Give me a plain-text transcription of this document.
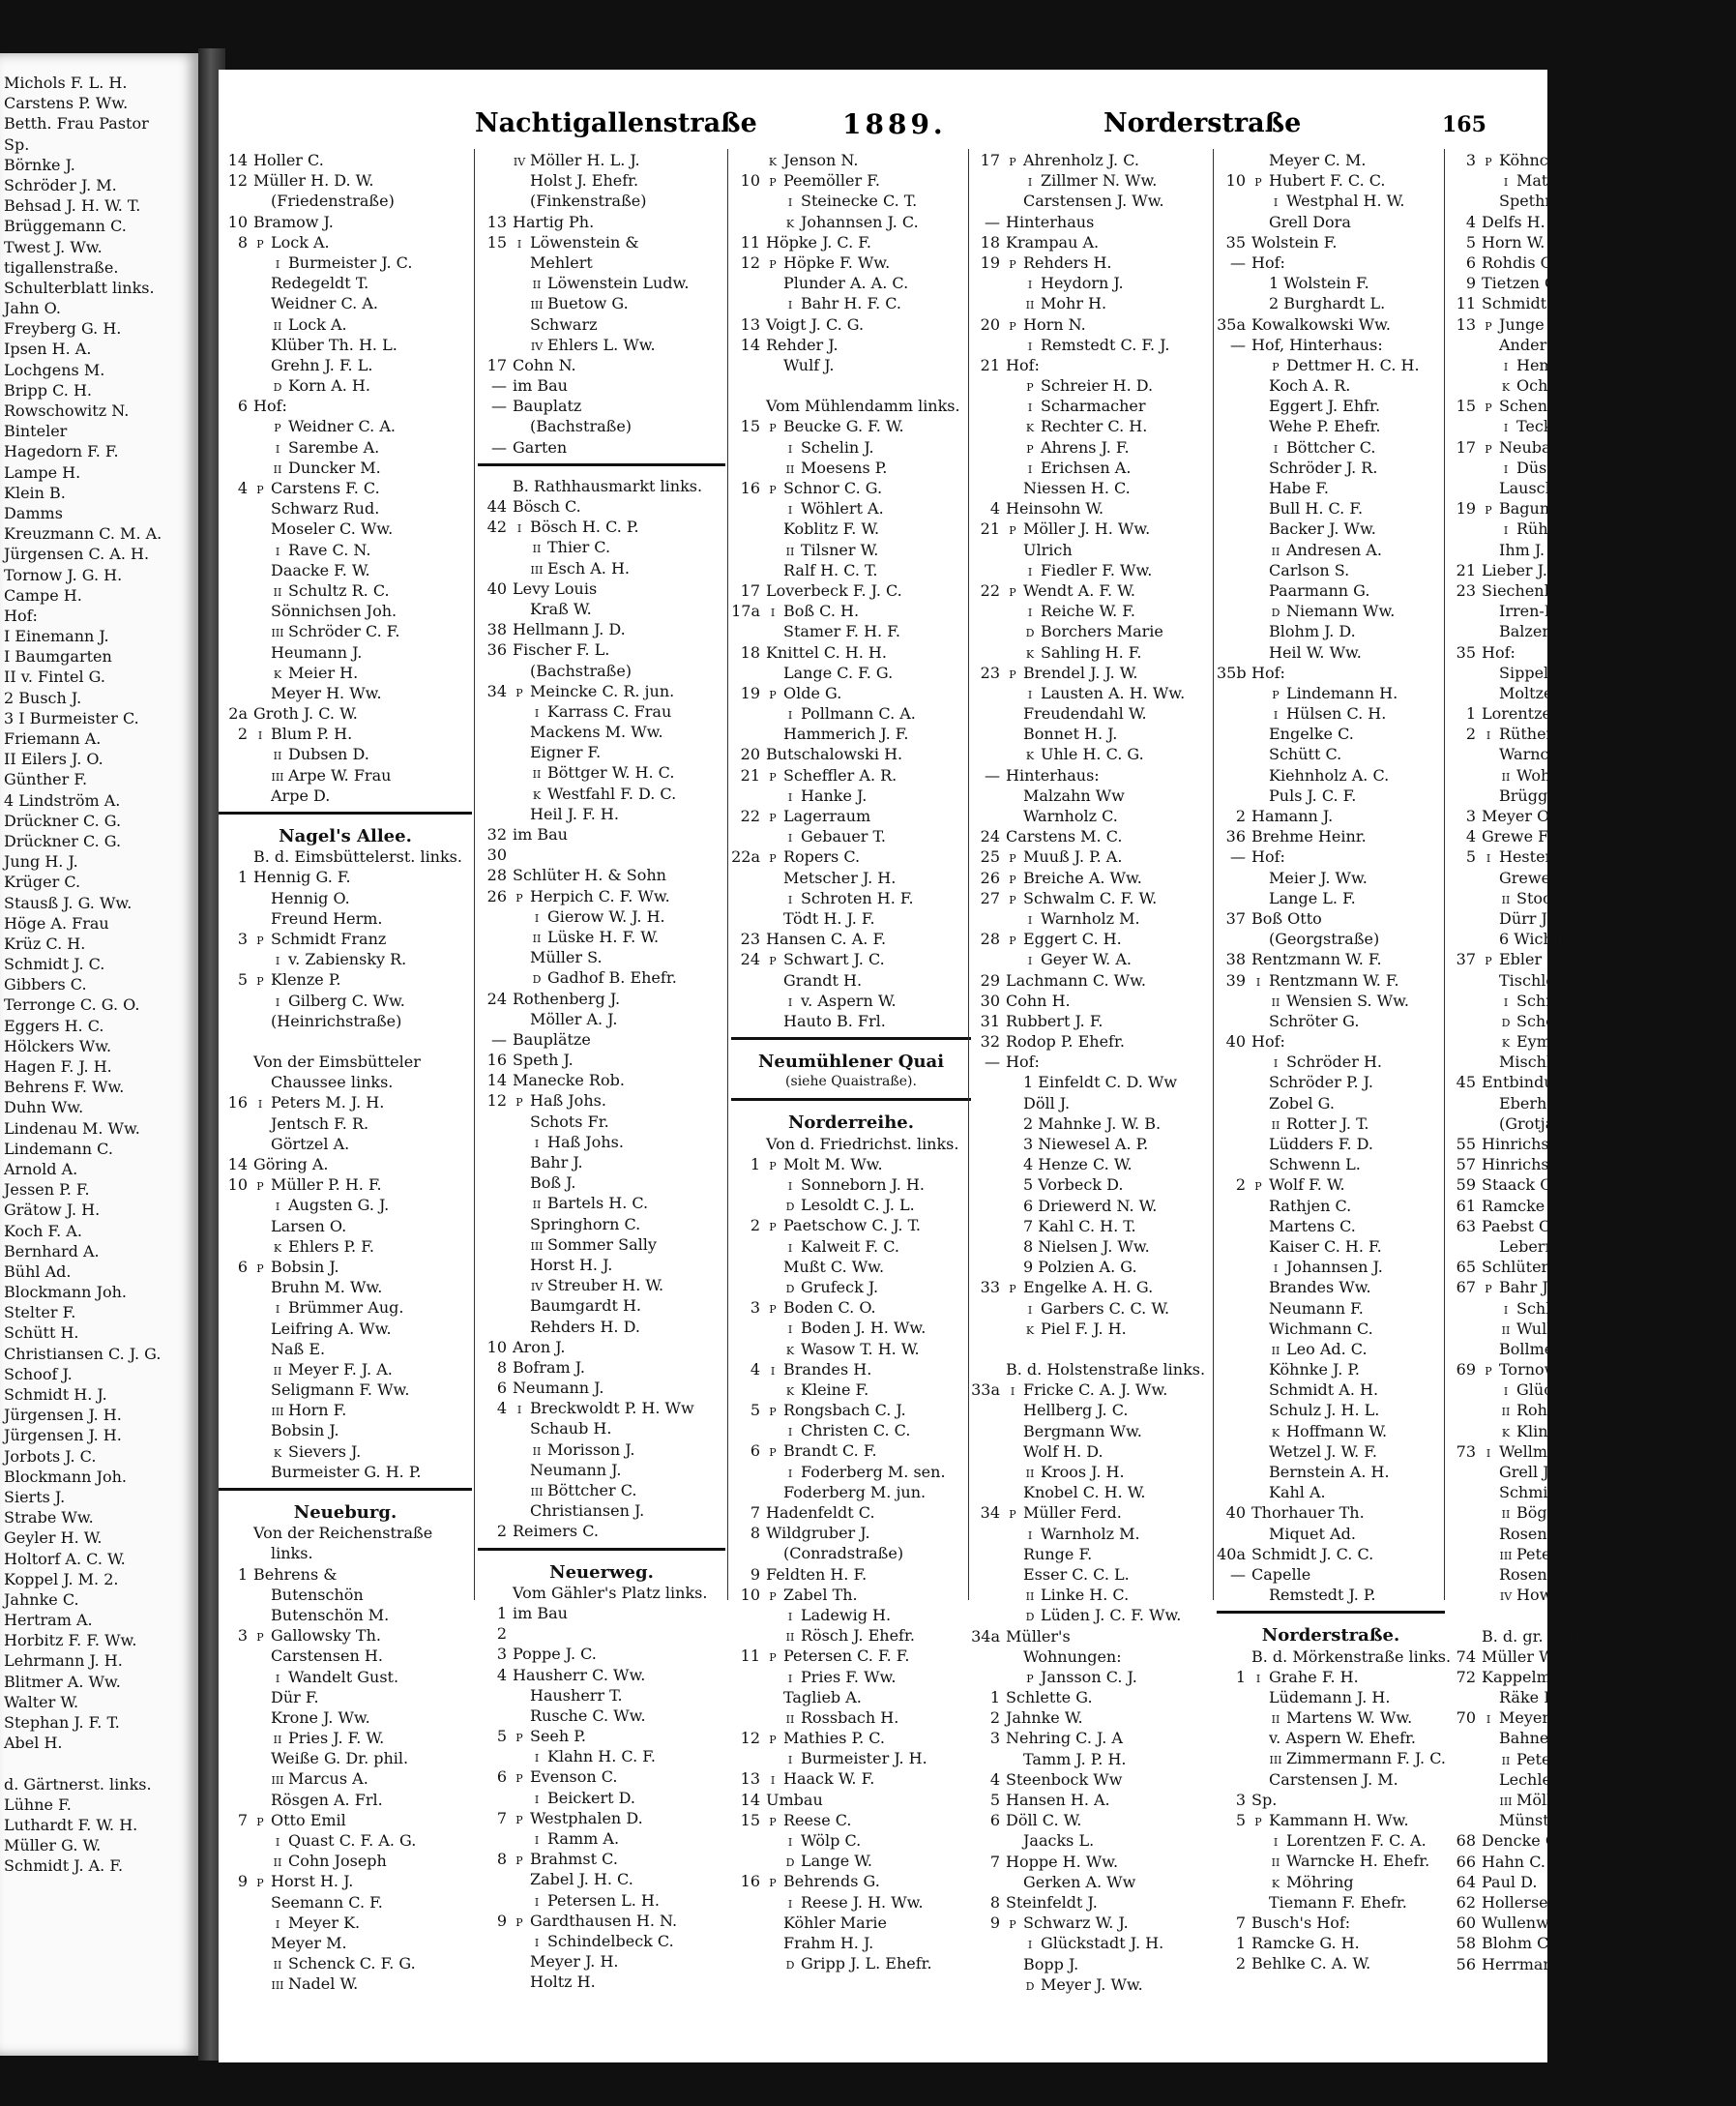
Michols F. L. H.
Carstens P. Ww.
Betth. Frau Pastor
Sp.
Börnke J.
Schröder J. M.
Behsad J. H. W. T.
Brüggemann C.
Twest J. Ww.
tigallenstraße.
Schulterblatt links.
Jahn O.
Freyberg G. H.
Ipsen H. A.
Lochgens M.
Bripp C. H.
Rowschowitz N.
Binteler
Hagedorn F. F.
Lampe H.
Klein B.
Damms
Kreuzmann C. M. A.
Jürgensen C. A. H.
Tornow J. G. H.
Campe H.
Hof:
I Einemann J.
I Baumgarten
II v. Fintel G.
2 Busch J.
3 I Burmeister C.
Friemann A.
II Eilers J. O.
Günther F.
4 Lindström A.
Drückner C. G.
Drückner C. G.
Jung H. J.
Krüger C.
Stausß J. G. Ww.
Höge A. Frau
Krüz C. H.
Schmidt J. C.
Gibbers C.
Terronge C. G. O.
Eggers H. C.
Hölckers Ww.
Hagen F. J. H.
Behrens F. Ww.
Duhn Ww.
Lindenau M. Ww.
Lindemann C.
Arnold A.
Jessen P. F.
Grätow J. H.
Koch F. A.
Bernhard A.
Bühl Ad.
Blockmann Joh.
Stelter F.
Schütt H.
Christiansen C. J. G.
Schoof J.
Schmidt H. J.
Jürgensen J. H.
Jürgensen J. H.
Jorbots J. C.
Blockmann Joh.
Sierts J.
Strabe Ww.
Geyler H. W.
Holtorf A. C. W.
Koppel J. M. 2.
Jahnke C.
Hertram A.
Horbitz F. F. Ww.
Lehrmann J. H.
Blitmer A. Ww.
Walter W.
Stephan J. F. T.
Abel H.
d. Gärtnerst. links.
Lühne F.
Luthardt F. W. H.
Müller G. W.
Schmidt J. A. F.
Nachtigallenstraße	1889.	Norderstraße	165
14 Holler C.
12 Müller H. D. W.
(Friedenstraße)
10 Bramow J.
8 P Lock A.
I Burmeister J. C.
Redegeldt T.
Weidner C. A.
II Lock A.
Klüber Th. H. L.
Grehn J. F. L.
D Korn A. H.
6 Hof:
P Weidner C. A.
I Sarembe A.
II Duncker M.
4 P Carstens F. C.
Schwarz Rud.
Moseler C. Ww.
I Rave C. N.
Daacke F. W.
II Schultz R. C.
Sönnichsen Joh.
III Schröder C. F.
Heumann J.
K Meier H.
Meyer H. Ww.
2a Groth J. C. W.
2 I Blum P. H.
II Dubsen D.
III Arpe W. Frau
Arpe D.
Nagel's Allee.
B. d. Eimsbüttelerst. links.
1 Hennig G. F.
Hennig O.
Freund Herm.
3 P Schmidt Franz
I v. Zabiensky R.
5 P Klenze P.
I Gilberg C. Ww.
(Heinrichstraße)
Von der Eimsbütteler
Chaussee links.
16 I Peters M. J. H.
Jentsch F. R.
Görtzel A.
14 Göring A.
10 P Müller P. H. F.
I Augsten G. J.
Larsen O.
K Ehlers P. F.
6 P Bobsin J.
Bruhn M. Ww.
I Brümmer Aug.
Leifring A. Ww.
Naß E.
II Meyer F. J. A.
Seligmann F. Ww.
III Horn F.
Bobsin J.
K Sievers J.
Burmeister G. H. P.
Neueburg.
Von der Reichenstraße
links.
1 Behrens &
Butenschön
Butenschön M.
3 P Gallowsky Th.
Carstensen H.
I Wandelt Gust.
Dür F.
Krone J. Ww.
II Pries J. F. W.
Weiße G. Dr. phil.
III Marcus A.
Rösgen A. Frl.
7 P Otto Emil
I Quast C. F. A. G.
II Cohn Joseph
9 P Horst H. J.
Seemann C. F.
I Meyer K.
Meyer M.
II Schenck C. F. G.
III Nadel W.
IV Möller H. L. J.
Holst J. Ehefr.
(Finkenstraße)
13 Hartig Ph.
15 I Löwenstein &
Mehlert
II Löwenstein Ludw.
III Buetow G.
Schwarz
IV Ehlers L. Ww.
17 Cohn N.
— im Bau
— Bauplatz
(Bachstraße)
— Garten
B. Rathhausmarkt links.
44 Bösch C.
42 I Bösch H. C. P.
II Thier C.
III Esch A. H.
40 Levy Louis
Kraß W.
38 Hellmann J. D.
36 Fischer F. L.
(Bachstraße)
34 P Meincke C. R. jun.
I Karrass C. Frau
Mackens M. Ww.
Eigner F.
II Böttger W. H. C.
K Westfahl F. D. C.
Heil J. F. H.
32 im Bau
30
28 Schlüter H. & Sohn
26 P Herpich C. F. Ww.
I Gierow W. J. H.
II Lüske H. F. W.
Müller S.
D Gadhof B. Ehefr.
24 Rothenberg J.
Möller A. J.
— Bauplätze
16 Speth J.
14 Manecke Rob.
12 P Haß Johs.
Schots Fr.
I Haß Johs.
Bahr J.
Boß J.
II Bartels H. C.
Springhorn C.
III Sommer Sally
Horst H. J.
IV Streuber H. W.
Baumgardt H.
Rehders H. D.
10 Aron J.
8 Bofram J.
6 Neumann J.
4 I Breckwoldt P. H. Ww
Schaub H.
II Morisson J.
Neumann J.
III Böttcher C.
Christiansen J.
2 Reimers C.
Neuerweg.
Vom Gähler's Platz links.
1 im Bau
2
3 Poppe J. C.
4 Hausherr C. Ww.
Hausherr T.
Rusche C. Ww.
5 P Seeh P.
I Klahn H. C. F.
6 P Evenson C.
I Beickert D.
7 P Westphalen D.
I Ramm A.
8 P Brahmst C.
Zabel J. H. C.
I Petersen L. H.
9 P Gardthausen H. N.
I Schindelbeck C.
Meyer J. H.
Holtz H.
K Jenson N.
10 P Peemöller F.
I Steinecke C. T.
K Johannsen J. C.
11 Höpke J. C. F.
12 P Höpke F. Ww.
Plunder A. A. C.
I Bahr H. F. C.
13 Voigt J. C. G.
14 Rehder J.
Wulf J.
Vom Mühlendamm links.
15 P Beucke G. F. W.
I Schelin J.
II Moesens P.
16 P Schnor C. G.
I Wöhlert A.
Koblitz F. W.
II Tilsner W.
Ralf H. C. T.
17 Loverbeck F. J. C.
17a I Boß C. H.
Stamer F. H. F.
18 Knittel C. H. H.
Lange C. F. G.
19 P Olde G.
I Pollmann C. A.
Hammerich J. F.
20 Butschalowski H.
21 P Scheffler A. R.
I Hanke J.
22 P Lagerraum
I Gebauer T.
22a P Ropers C.
Metscher J. H.
I Schroten H. F.
Tödt H. J. F.
23 Hansen C. A. F.
24 P Schwart J. C.
Grandt H.
I v. Aspern W.
Hauto B. Frl.
Neumühlener Quai
(siehe Quaistraße).
Norderreihe.
Von d. Friedrichst. links.
1 P Molt M. Ww.
I Sonneborn J. H.
D Lesoldt C. J. L.
2 P Paetschow C. J. T.
I Kalweit F. C.
Mußt C. Ww.
D Grufeck J.
3 P Boden C. O.
I Boden J. H. Ww.
K Wasow T. H. W.
4 I Brandes H.
K Kleine F.
5 P Rongsbach C. J.
I Christen C. C.
6 P Brandt C. F.
I Foderberg M. sen.
Foderberg M. jun.
7 Hadenfeldt C.
8 Wildgruber J.
(Conradstraße)
9 Feldten H. F.
10 P Zabel Th.
I Ladewig H.
II Rösch J. Ehefr.
11 P Petersen C. F. F.
I Pries F. Ww.
Taglieb A.
II Rossbach H.
12 P Mathies P. C.
I Burmeister J. H.
13 I Haack W. F.
14 Umbau
15 P Reese C.
I Wölp C.
D Lange W.
16 P Behrends G.
I Reese J. H. Ww.
Köhler Marie
Frahm H. J.
D Gripp J. L. Ehefr.
17 P Ahrenholz J. C.
I Zillmer N. Ww.
Carstensen J. Ww.
— Hinterhaus
18 Krampau A.
19 P Rehders H.
I Heydorn J.
II Mohr H.
20 P Horn N.
I Remstedt C. F. J.
21 Hof:
P Schreier H. D.
I Scharmacher
K Rechter C. H.
P Ahrens J. F.
I Erichsen A.
Niessen H. C.
4 Heinsohn W.
21 P Möller J. H. Ww.
Ulrich
I Fiedler F. Ww.
22 P Wendt A. F. W.
I Reiche W. F.
D Borchers Marie
K Sahling H. F.
23 P Brendel J. J. W.
I Lausten A. H. Ww.
Freudendahl W.
Bonnet H. J.
K Uhle H. C. G.
— Hinterhaus:
Malzahn Ww
Warnholz C.
24 Carstens M. C.
25 P Muuß J. P. A.
26 P Breiche A. Ww.
27 P Schwalm C. F. W.
I Warnholz M.
28 P Eggert C. H.
I Geyer W. A.
29 Lachmann C. Ww.
30 Cohn H.
31 Rubbert J. F.
32 Rodop P. Ehefr.
— Hof:
1 Einfeldt C. D. Ww
Döll J.
2 Mahnke J. W. B.
3 Niewesel A. P.
4 Henze C. W.
5 Vorbeck D.
6 Driewerd N. W.
7 Kahl C. H. T.
8 Nielsen J. Ww.
9 Polzien A. G.
33 P Engelke A. H. G.
I Garbers C. C. W.
K Piel F. J. H.
B. d. Holstenstraße links.
33a I Fricke C. A. J. Ww.
Hellberg J. C.
Bergmann Ww.
Wolf H. D.
II Kroos J. H.
Knobel C. H. W.
34 P Müller Ferd.
I Warnholz M.
Runge F.
Esser C. C. L.
II Linke H. C.
D Lüden J. C. F. Ww.
34a Müller's
Wohnungen:
P Jansson C. J.
1 Schlette G.
2 Jahnke W.
3 Nehring C. J. A
Tamm J. P. H.
4 Steenbock Ww
5 Hansen H. A.
6 Döll C. W.
Jaacks L.
7 Hoppe H. Ww.
Gerken A. Ww
8 Steinfeldt J.
9 P Schwarz W. J.
I Glückstadt J. H.
Bopp J.
D Meyer J. Ww.
Meyer C. M.
10 P Hubert F. C. C.
I Westphal H. W.
Grell Dora
35 Wolstein F.
— Hof:
1 Wolstein F.
2 Burghardt L.
35a Kowalkowski Ww.
— Hof, Hinterhaus:
P Dettmer H. C. H.
Koch A. R.
Eggert J. Ehfr.
Wehe P. Ehefr.
I Böttcher C.
Schröder J. R.
Habe F.
Bull H. C. F.
Backer J. Ww.
II Andresen A.
Carlson S.
Paarmann G.
D Niemann Ww.
Blohm J. D.
Heil W. Ww.
35b Hof:
P Lindemann H.
I Hülsen C. H.
Engelke C.
Schütt C.
Kiehnholz A. C.
Puls J. C. F.
2 Hamann J.
36 Brehme Heinr.
— Hof:
Meier J. Ww.
Lange L. F.
37 Boß Otto
(Georgstraße)
38 Rentzmann W. F.
39 I Rentzmann W. F.
II Wensien S. Ww.
Schröter G.
40 Hof:
I Schröder H.
Schröder P. J.
Zobel G.
II Rotter J. T.
Lüdders F. D.
Schwenn L.
2 P Wolf F. W.
Rathjen C.
Martens C.
Kaiser C. H. F.
I Johannsen J.
Brandes Ww.
Neumann F.
Wichmann C.
II Leo Ad. C.
Köhnke J. P.
Schmidt A. H.
Schulz J. H. L.
K Hoffmann W.
Wetzel J. W. F.
Bernstein A. H.
Kahl A.
40 Thorhauer Th.
Miquet Ad.
40a Schmidt J. C. C.
— Capelle
Remstedt J. P.
Norderstraße.
B. d. Mörkenstraße links.
1 I Grahe F. H.
Lüdemann J. H.
II Martens W. Ww.
v. Aspern W. Ehefr.
III Zimmermann F. J. C.
Carstensen J. M.
3 Sp.
5 P Kammann H. Ww.
I Lorentzen F. C. A.
II Warncke H. Ehefr.
K Möhring
Tiemann F. Ehefr.
7 Busch's Hof:
1 Ramcke G. H.
2 Behlke C. A. W.
3 P Köhncke W. F.
I Matthiesen C.
Spethmann J.
4 Delfs H. J. H.
5 Horn W.
6 Rohdis C.
9 Tietzen G. H. W.
11 Schmidt L.
13 P Junge C. H. D.
Andersen A. H. A.
I Hemiger L. H. Ww.
K Ochs H. F.
15 P Schenk A. F. C.
I Tecklenburg O. R.
17 P Neubauer A. C.
I Düsterding W.
Lausch H.
19 P Bagung C.
I Rühmann P.
Ihm J. H. F.
21 Lieber J. C.
23 Siechenhaus und
Irren-Pflegeanstalt
Balzer J. F. J.
35 Hof:
Sippel W.
Moltzen J.
1 Lorentzen H. A.
2 I Rüther C.
Warncke F.
II Wohlers J. C. A.
Brügge F. C. C.
3 Meyer O. A. A.
4 Grewe F. W. F.
5 I Hester C. M. H.
Grewe G. H. C.
II Stock H. F.
Dürr J. F. D.
6 Wichmann H. H.
37 P Ebler H. F. Schuhmacher- und
Tischler-Herberge
I Schmüth A. H.
D Schelde D.
K Eyme W.
Mischke G.
45 Entbindungs-Anst.
Eberhardt D. Ww.
(Grotjahnstraße)
55 Hinrichsen H. J.
57 Hinrichsen H. J.
59 Staack C. H. R.
61 Ramcke C. P.
63 Paebst C. C. H. P.
Lebermann H. J. A.
65 Schlüter W. C. H.
67 P Bahr J. A.
I Schlünsen C. H. L.
II Wullenweber J. F.
Bollmer J. F.
69 P Tornow A. W. F.
I Glückstadt J. H.
II Rohlfs H.
K Klink J. H.
73 I Wellmann Fr.
Grell J. C. F. Ww.
Schmidt W. H.
II Böge A.
Rosenbaum B.
III Petersen J. H. J.
Rosenheim A. C.
IV Howoldt J. C. H.
B. d. gr. Bergst. links.
74 Müller W.
72 Kappelmann H. M.
Räke Rob.
70 I Meyer C. H. F. W.
Bahne C. F. C.
II Peters F. H.
Lechler J.
III Möller J. C.
Münster W.
68 Dencke C. A. C.
66 Hahn C. Ww.
64 Paul D.
62 Hollersen P. Ww.
60 Wullenweber J. P.
58 Blohm C. M.
56 Herrmann C. T. Ww.
